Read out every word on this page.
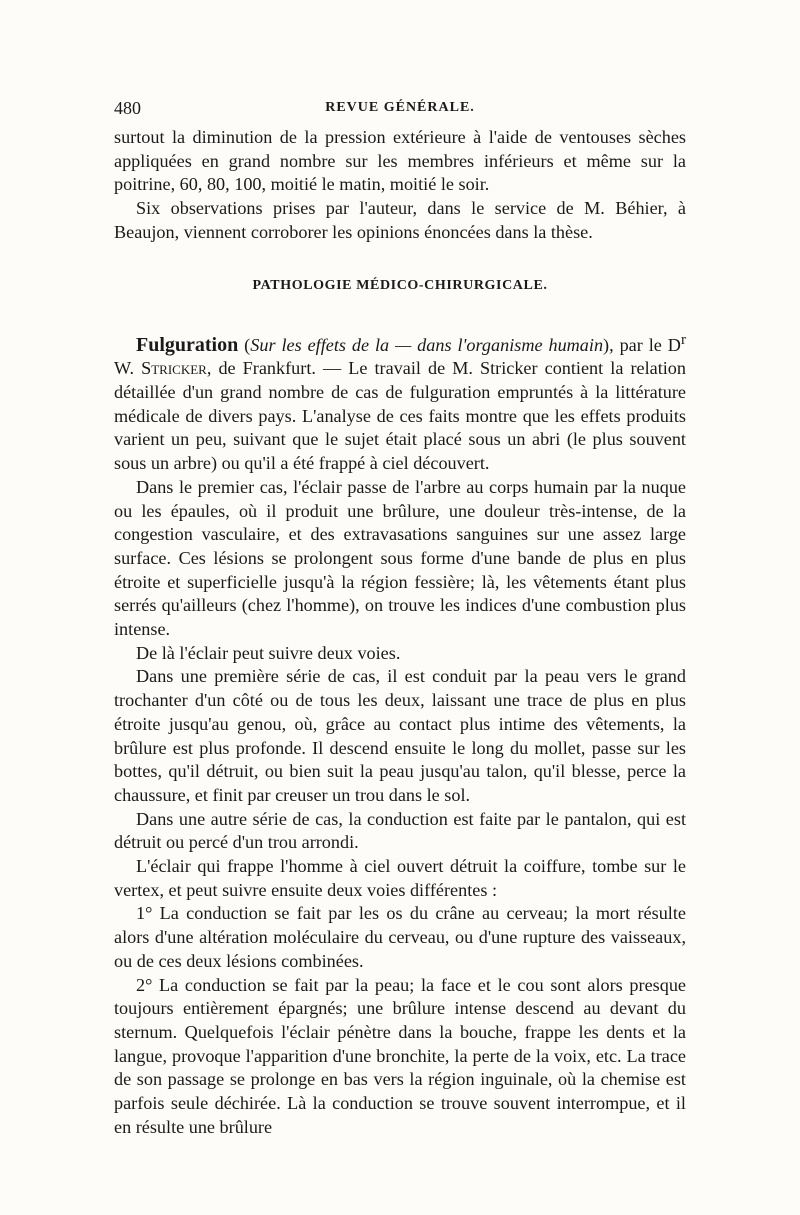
480	REVUE GÉNÉRALE.

surtout la diminution de la pression extérieure à l'aide de ventouses sèches appliquées en grand nombre sur les membres inférieurs et même sur la poitrine, 60, 80, 100, moitié le matin, moitié le soir.

Six observations prises par l'auteur, dans le service de M. Béhier, à Beaujon, viennent corroborer les opinions énoncées dans la thèse.

PATHOLOGIE MÉDICO-CHIRURGICALE.

Fulguration (Sur les effets de la — dans l'organisme humain), par le $D^r$ W. Stricker, de Frankfurt. — Le travail de M. Stricker contient la relation détaillée d'un grand nombre de cas de fulguration empruntés à la littérature médicale de divers pays. L'analyse de ces faits montre que les effets produits varient un peu, suivant que le sujet était placé sous un abri (le plus souvent sous un arbre) ou qu'il a été frappé à ciel découvert.

Dans le premier cas, l'éclair passe de l'arbre au corps humain par la nuque ou les épaules, où il produit une brûlure, une douleur très-intense, de la congestion vasculaire, et des extravasations sanguines sur une assez large surface. Ces lésions se prolongent sous forme d'une bande de plus en plus étroite et superficielle jusqu'à la région fessière; là, les vêtements étant plus serrés qu'ailleurs (chez l'homme), on trouve les indices d'une combustion plus intense.

De là l'éclair peut suivre deux voies.

Dans une première série de cas, il est conduit par la peau vers le grand trochanter d'un côté ou de tous les deux, laissant une trace de plus en plus étroite jusqu'au genou, où, grâce au contact plus intime des vêtements, la brûlure est plus profonde. Il descend ensuite le long du mollet, passe sur les bottes, qu'il détruit, ou bien suit la peau jusqu'au talon, qu'il blesse, perce la chaussure, et finit par creuser un trou dans le sol.

Dans une autre série de cas, la conduction est faite par le pantalon, qui est détruit ou percé d'un trou arrondi.

L'éclair qui frappe l'homme à ciel ouvert détruit la coiffure, tombe sur le vertex, et peut suivre ensuite deux voies différentes :

1° La conduction se fait par les os du crâne au cerveau; la mort résulte alors d'une altération moléculaire du cerveau, ou d'une rupture des vaisseaux, ou de ces deux lésions combinées.

2° La conduction se fait par la peau; la face et le cou sont alors presque toujours entièrement épargnés; une brûlure intense descend au devant du sternum. Quelquefois l'éclair pénètre dans la bouche, frappe les dents et la langue, provoque l'apparition d'une bronchite, la perte de la voix, etc. La trace de son passage se prolonge en bas vers la région inguinale, où la chemise est parfois seule déchirée. Là la conduction se trouve souvent interrompue, et il en résulte une brûlure
